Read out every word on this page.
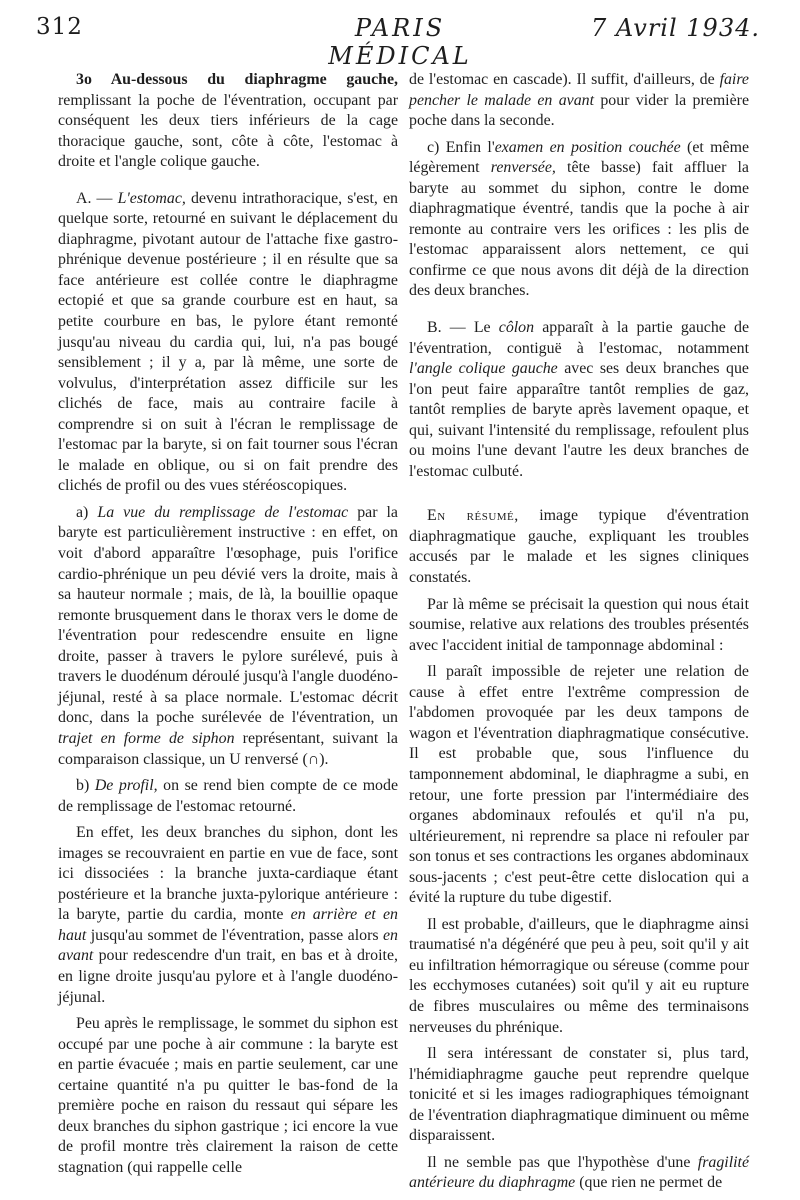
312	PARIS MÉDICAL
7 Avril 1934.

3o Au-dessous du diaphragme gauche, remplissant la poche de l'éventration, occupant par conséquent les deux tiers inférieurs de la cage thoracique gauche, sont, côte à côte, l'estomac à droite et l'angle colique gauche.

A. — L'estomac, devenu intrathoracique, s'est, en quelque sorte, retourné en suivant le déplacement du diaphragme, pivotant autour de l'attache fixe gastro-phrénique devenue postérieure ; il en résulte que sa face antérieure est collée contre le diaphragme ectopié et que sa grande courbure est en haut, sa petite courbure en bas, le pylore étant remonté jusqu'au niveau du cardia qui, lui, n'a pas bougé sensiblement ; il y a, par là même, une sorte de volvulus, d'interprétation assez difficile sur les clichés de face, mais au contraire facile à comprendre si on suit à l'écran le remplissage de l'estomac par la baryte, si on fait tourner sous l'écran le malade en oblique, ou si on fait prendre des clichés de profil ou des vues stéréoscopiques.

a) La vue du remplissage de l'estomac par la baryte est particulièrement instructive : en effet, on voit d'abord apparaître l'œsophage, puis l'orifice cardio-phrénique un peu dévié vers la droite, mais à sa hauteur normale ; mais, de là, la bouillie opaque remonte brusquement dans le thorax vers le dome de l'éventration pour redescendre ensuite en ligne droite, passer à travers le pylore surélevé, puis à travers le duodénum déroulé jusqu'à l'angle duodéno-jéjunal, resté à sa place normale. L'estomac décrit donc, dans la poche surélevée de l'éventration, un trajet en forme de siphon représentant, suivant la comparaison classique, un U renversé (∩).

b) De profil, on se rend bien compte de ce mode de remplissage de l'estomac retourné.

En effet, les deux branches du siphon, dont les images se recouvraient en partie en vue de face, sont ici dissociées : la branche juxta-cardiaque étant postérieure et la branche juxta-pylorique antérieure : la baryte, partie du cardia, monte en arrière et en haut jusqu'au sommet de l'éventration, passe alors en avant pour redescendre d'un trait, en bas et à droite, en ligne droite jusqu'au pylore et à l'angle duodéno-jéjunal.

Peu après le remplissage, le sommet du siphon est occupé par une poche à air commune : la baryte est en partie évacuée ; mais en partie seulement, car une certaine quantité n'a pu quitter le bas-fond de la première poche en raison du ressaut qui sépare les deux branches du siphon gastrique ; ici encore la vue de profil montre très clairement la raison de cette stagnation (qui rappelle celle

de l'estomac en cascade). Il suffit, d'ailleurs, de faire pencher le malade en avant pour vider la première poche dans la seconde.

c) Enfin l'examen en position couchée (et même légèrement renversée, tête basse) fait affluer la baryte au sommet du siphon, contre le dome diaphragmatique éventré, tandis que la poche à air remonte au contraire vers les orifices : les plis de l'estomac apparaissent alors nettement, ce qui confirme ce que nous avons dit déjà de la direction des deux branches.

B. — Le côlon apparaît à la partie gauche de l'éventration, contiguë à l'estomac, notamment l'angle colique gauche avec ses deux branches que l'on peut faire apparaître tantôt remplies de gaz, tantôt remplies de baryte après lavement opaque, et qui, suivant l'intensité du remplissage, refoulent plus ou moins l'une devant l'autre les deux branches de l'estomac culbuté.

En résumé, image typique d'éventration diaphragmatique gauche, expliquant les troubles accusés par le malade et les signes cliniques constatés.

Par là même se précisait la question qui nous était soumise, relative aux relations des troubles présentés avec l'accident initial de tamponnage abdominal :

Il paraît impossible de rejeter une relation de cause à effet entre l'extrême compression de l'abdomen provoquée par les deux tampons de wagon et l'éventration diaphragmatique consécutive. Il est probable que, sous l'influence du tamponnement abdominal, le diaphragme a subi, en retour, une forte pression par l'intermédiaire des organes abdominaux refoulés et qu'il n'a pu, ultérieurement, ni reprendre sa place ni refouler par son tonus et ses contractions les organes abdominaux sous-jacents ; c'est peut-être cette dislocation qui a évité la rupture du tube digestif.

Il est probable, d'ailleurs, que le diaphragme ainsi traumatisé n'a dégénéré que peu à peu, soit qu'il y ait eu infiltration hémorragique ou séreuse (comme pour les ecchymoses cutanées) soit qu'il y ait eu rupture de fibres musculaires ou même des terminaisons nerveuses du phrénique.

Il sera intéressant de constater si, plus tard, l'hémidiaphragme gauche peut reprendre quelque tonicité et si les images radiographiques témoignant de l'éventration diaphragmatique diminuent ou même disparaissent.

Il ne semble pas que l'hypothèse d'une fragilité antérieure du diaphragme (que rien ne permet de
